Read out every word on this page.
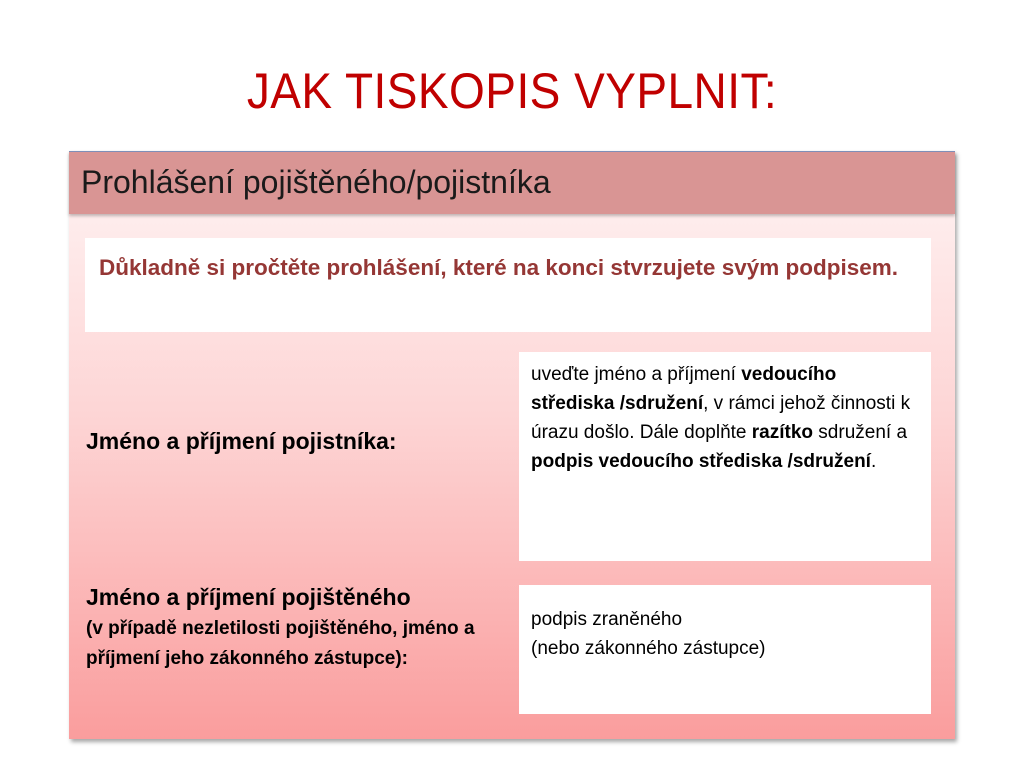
JAK TISKOPIS VYPLNIT:
Prohlášení pojištěného/pojistníka
Důkladně si pročtěte prohlášení, které na konci stvrzujete svým podpisem.
Jméno a příjmení pojistníka:
uveďte jméno a příjmení vedoucího střediska /sdružení, v rámci jehož činnosti k úrazu došlo. Dále doplňte razítko sdružení a podpis vedoucího střediska /sdružení.
Jméno a příjmení pojištěného
(v případě nezletilosti pojištěného, jméno a příjmení jeho zákonného zástupce):
podpis zraněného
(nebo zákonného zástupce)
